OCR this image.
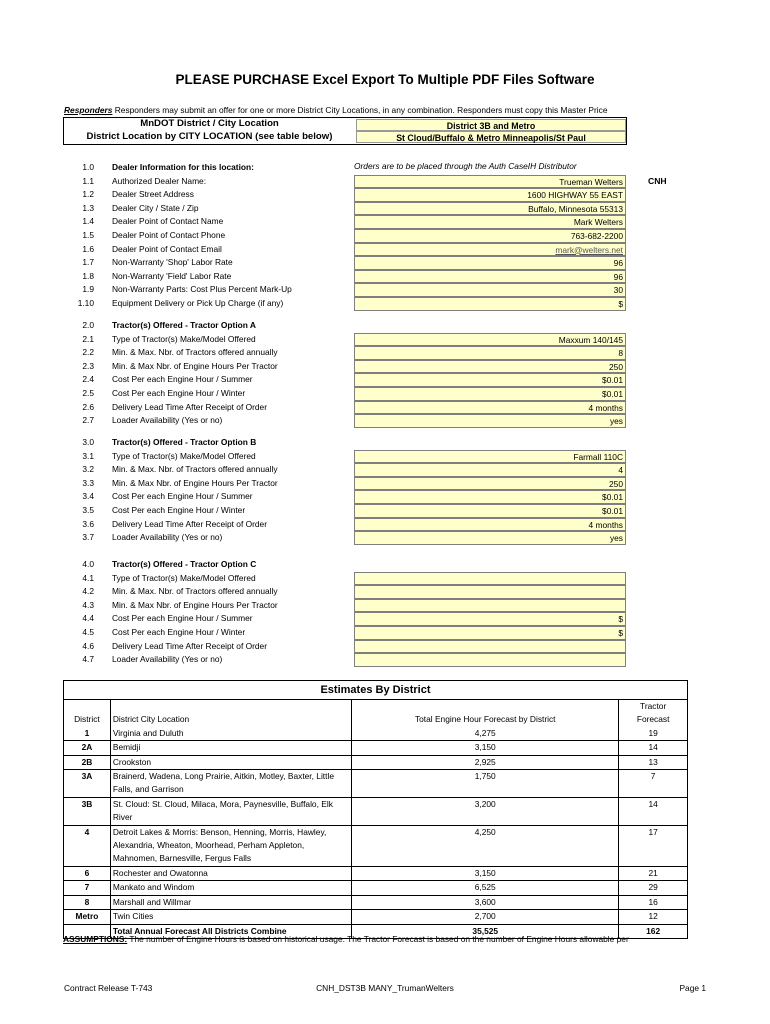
PLEASE PURCHASE Excel Export To Multiple PDF Files Software
Responders Responders may submit an offer for one or more District City Locations, in any combination. Responders must copy this Master Price
MnDOT District / City Location
District Location by CITY LOCATION (see table below)
District 3B and Metro
St Cloud/Buffalo & Metro Minneapolis/St Paul
Orders are to be placed through the Auth CaseIH Distributor
CNH
1.0 Dealer Information for this location:
1.1 Authorized Dealer Name:	Trueman Welters
1.2 Dealer Street Address	1600 HIGHWAY 55 EAST
1.3 Dealer City / State / Zip	Buffalo, Minnesota 55313
1.4 Dealer Point of Contact Name	Mark Welters
1.5 Dealer Point of Contact Phone	763-682-2200
1.6 Dealer Point of Contact Email	mark@welters.net
1.7 Non-Warranty 'Shop' Labor Rate	96
1.8 Non-Warranty 'Field' Labor Rate	96
1.9 Non-Warranty Parts: Cost Plus Percent Mark-Up	30
1.10 Equipment Delivery or Pick Up Charge (if any)	$
2.0 Tractor(s) Offered - Tractor Option A
2.1 Type of Tractor(s) Make/Model Offered	Maxxum 140/145
2.2 Min. & Max. Nbr. of Tractors offered annually	8
2.3 Min. & Max Nbr. of Engine Hours Per Tractor	250
2.4 Cost Per each Engine Hour / Summer	$0.01
2.5 Cost Per each Engine Hour / Winter	$0.01
2.6 Delivery Lead Time After Receipt of Order	4 months
2.7 Loader Availability (Yes or no)	yes
3.0 Tractor(s) Offered - Tractor Option B
3.1 Type of Tractor(s) Make/Model Offered	Farmall 110C
3.2 Min. & Max. Nbr. of Tractors offered annually	4
3.3 Min. & Max Nbr. of Engine Hours Per Tractor	250
3.4 Cost Per each Engine Hour / Summer	$0.01
3.5 Cost Per each Engine Hour / Winter	$0.01
3.6 Delivery Lead Time After Receipt of Order	4 months
3.7 Loader Availability (Yes or no)	yes
4.0 Tractor(s) Offered - Tractor Option C
4.1 Type of Tractor(s) Make/Model Offered
4.2 Min. & Max. Nbr. of Tractors offered annually
4.3 Min. & Max Nbr. of Engine Hours Per Tractor
4.4 Cost Per each Engine Hour / Summer	$
4.5 Cost Per each Engine Hour / Winter	$
4.6 Delivery Lead Time After Receipt of Order
4.7 Loader Availability (Yes or no)
Estimates By District			
District	District City Location	Total Engine Hour Forecast by District	Tractor
Forecast

1	Virginia and Duluth	4,275	19
2A	Bemidji	3,150	14
2B	Crookston	2,925	13
3A	Brainerd, Wadena, Long Prairie, Aitkin, Motley, Baxter, Little Falls, and Garrison	1,750	7
3B	St. Cloud: St. Cloud, Milaca, Mora, Paynesville, Buffalo, Elk River	3,200	14
4	Detroit Lakes & Morris: Benson, Henning, Morris, Hawley, Alexandria, Wheaton, Moorhead, Perham Appleton, Mahnomen, Barnesville, Fergus Falls	4,250	17
6	Rochester and Owatonna	3,150	21
7	Mankato and Windom	6,525	29
8	Marshall and Willmar	3,600	16
Metro	Twin Cities	2,700	12
	Total Annual Forecast All Districts Combine	35,525	162
ASSUMPTIONS: The number of Engine Hours is based on historical usage. The Tractor Forecast is based on the number of Engine Hours allowable per
Contract Release T-743	CNH_DST3B MANY_TrumanWelters	Page 1
